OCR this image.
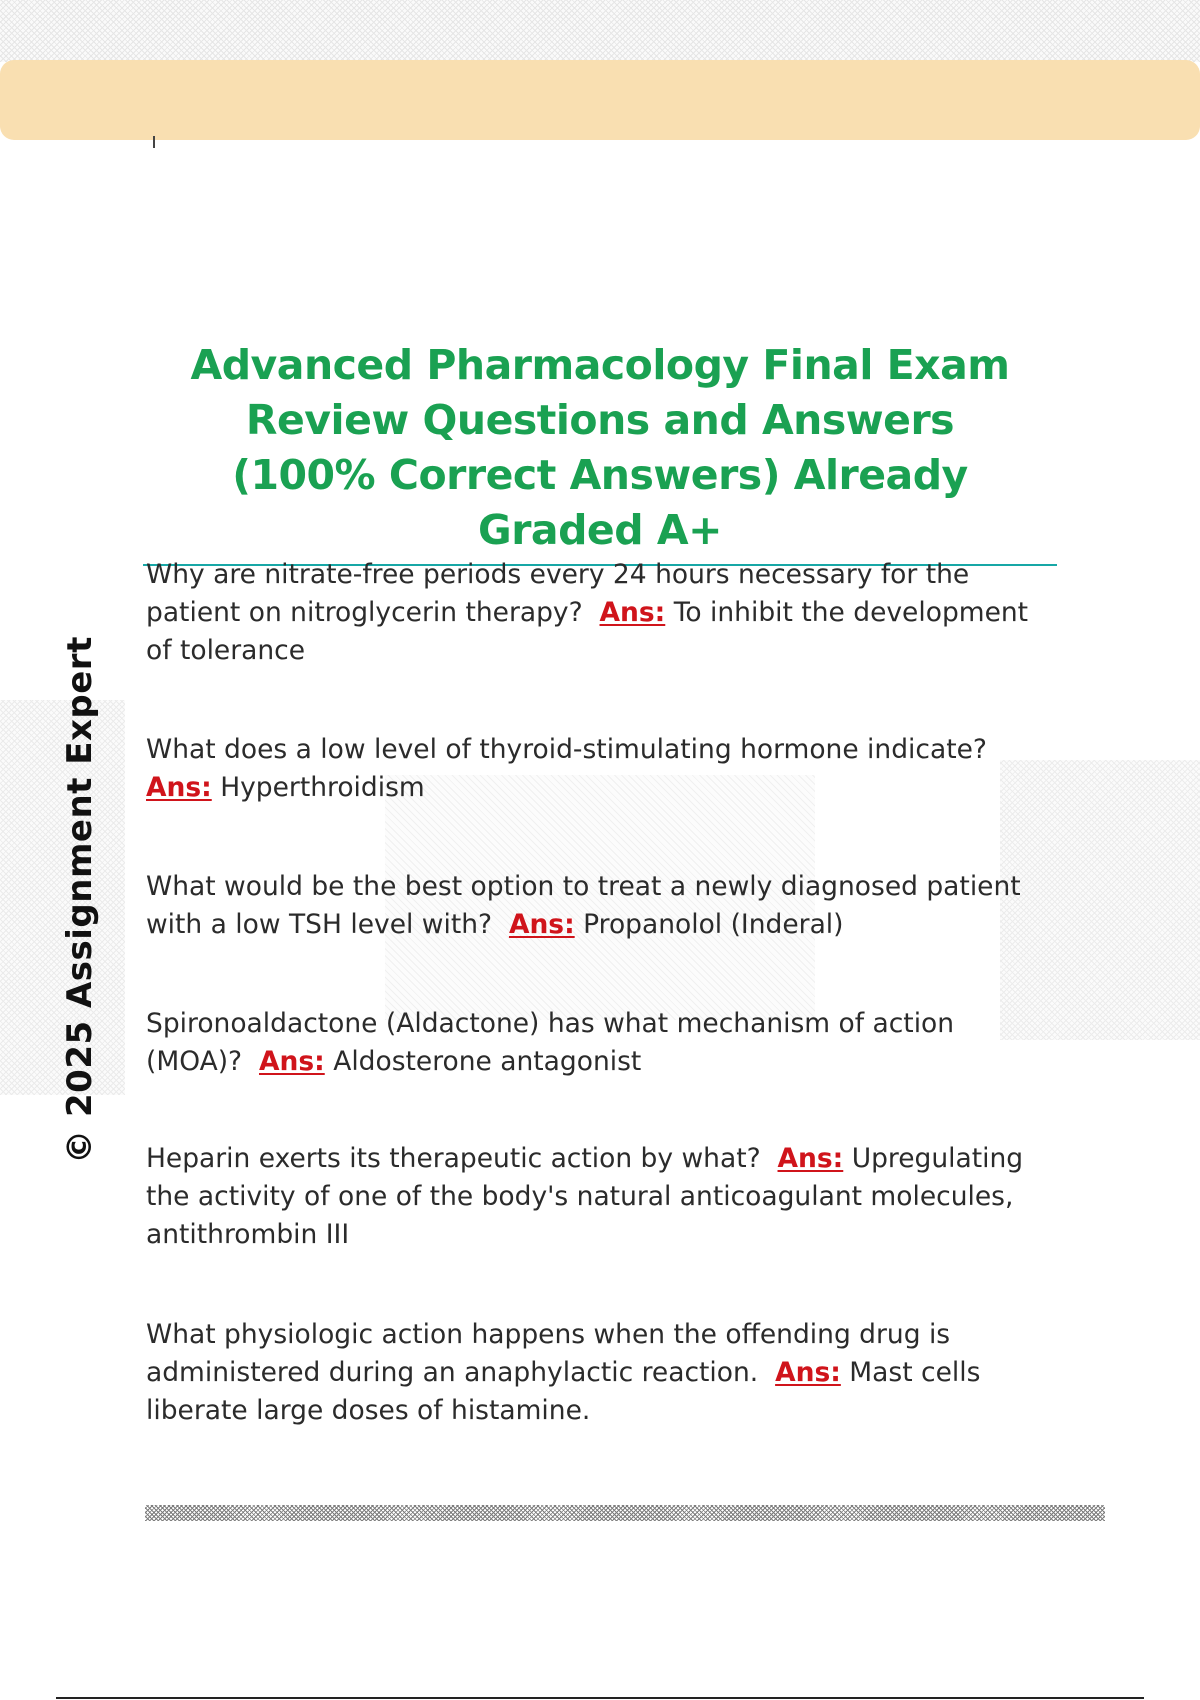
© 2025 Assignment Expert
Advanced Pharmacology Final Exam Review Questions and Answers (100% Correct Answers) Already Graded A+
Why are nitrate-free periods every 24 hours necessary for the patient on nitroglycerin therapy? Ans: To inhibit the development of tolerance
What does a low level of thyroid-stimulating hormone indicate? Ans: Hyperthroidism
What would be the best option to treat a newly diagnosed patient with a low TSH level with? Ans: Propanolol (Inderal)
Spironoaldactone (Aldactone) has what mechanism of action (MOA)? Ans: Aldosterone antagonist
Heparin exerts its therapeutic action by what? Ans: Upregulating the activity of one of the body's natural anticoagulant molecules, antithrombin III
What physiologic action happens when the offending drug is administered during an anaphylactic reaction. Ans: Mast cells liberate large doses of histamine.
